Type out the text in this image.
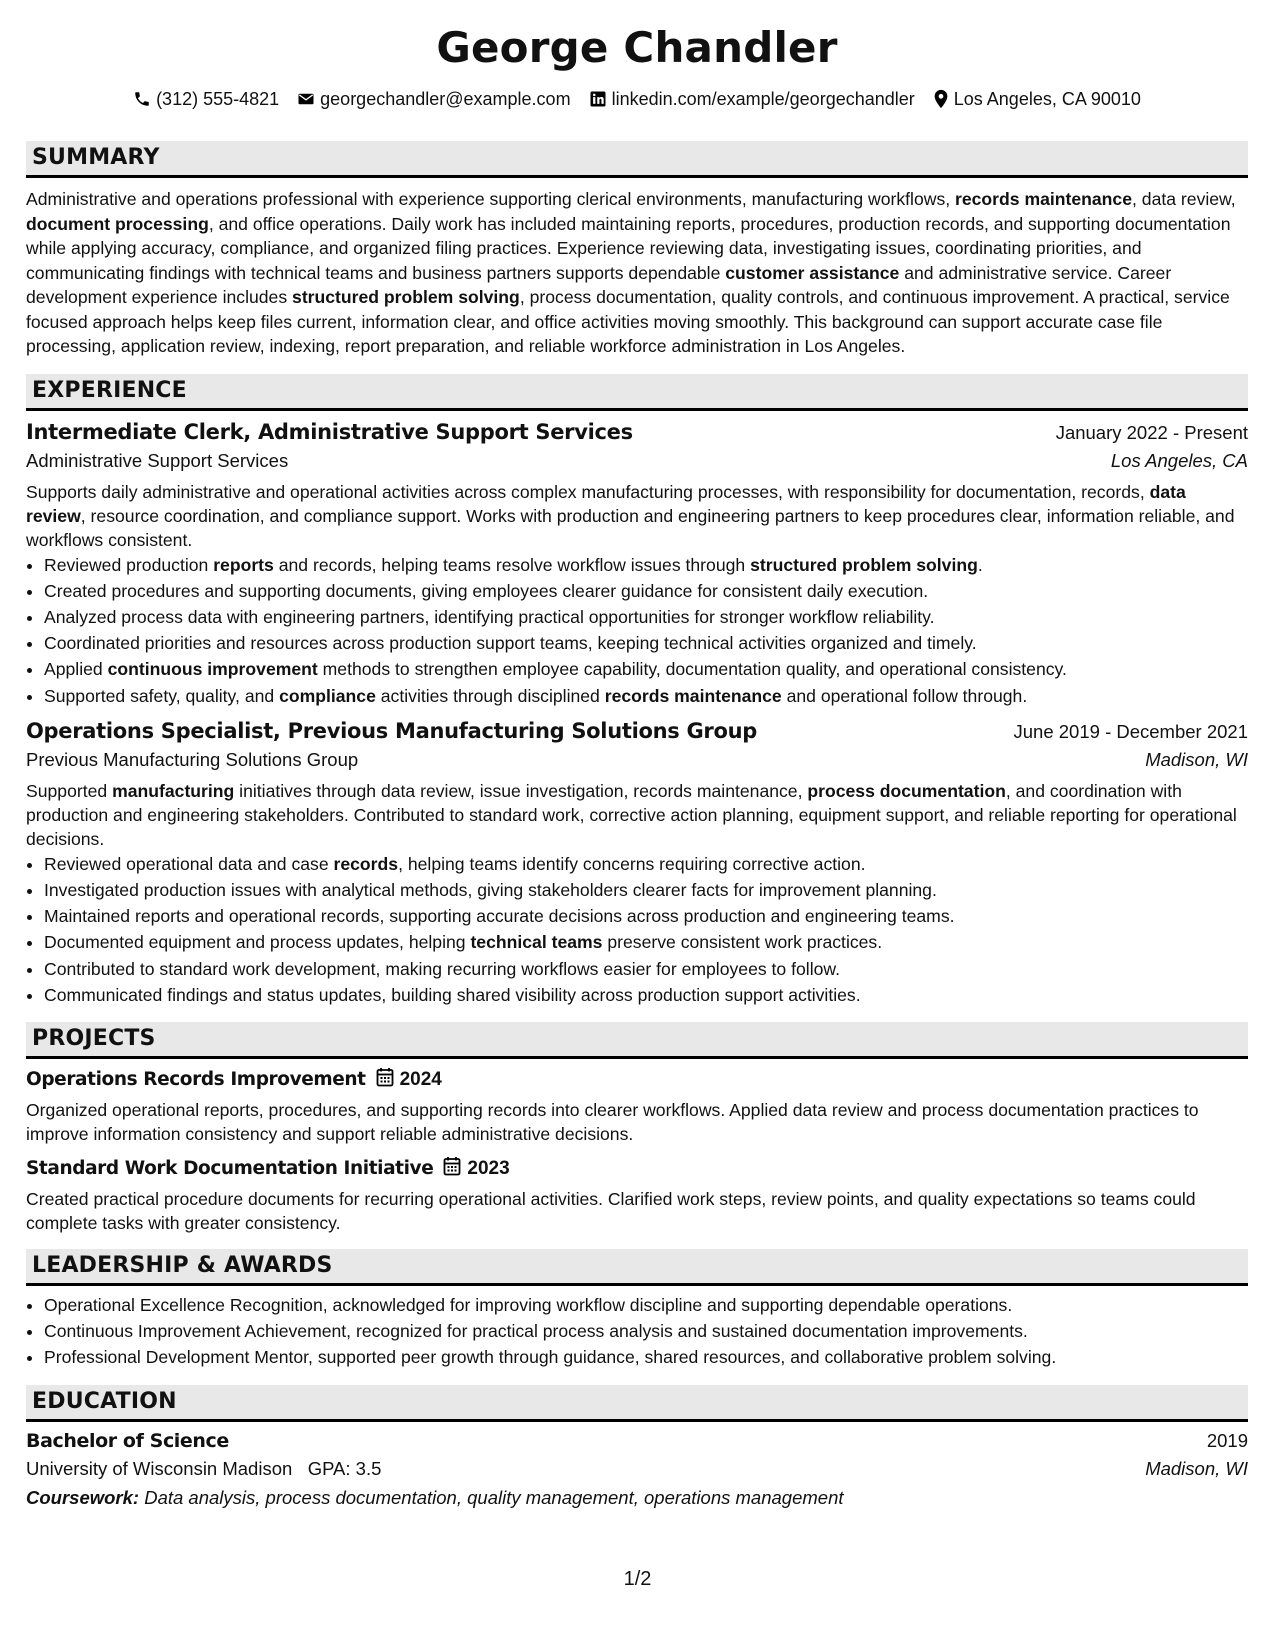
George Chandler
(312) 555-4821 georgechandler@example.com linkedin.com/example/georgechandler Los Angeles, CA 90010
SUMMARY
Administrative and operations professional with experience supporting clerical environments, manufacturing workflows, records maintenance, data review, document processing, and office operations. Daily work has included maintaining reports, procedures, production records, and supporting documentation while applying accuracy, compliance, and organized filing practices. Experience reviewing data, investigating issues, coordinating priorities, and communicating findings with technical teams and business partners supports dependable customer assistance and administrative service. Career development experience includes structured problem solving, process documentation, quality controls, and continuous improvement. A practical, service focused approach helps keep files current, information clear, and office activities moving smoothly. This background can support accurate case file processing, application review, indexing, report preparation, and reliable workforce administration in Los Angeles.
EXPERIENCE
Intermediate Clerk, Administrative Support Services	January 2022 - Present
Administrative Support Services	Los Angeles, CA
Supports daily administrative and operational activities across complex manufacturing processes, with responsibility for documentation, records, data review, resource coordination, and compliance support. Works with production and engineering partners to keep procedures clear, information reliable, and workflows consistent.
• Reviewed production reports and records, helping teams resolve workflow issues through structured problem solving.
• Created procedures and supporting documents, giving employees clearer guidance for consistent daily execution.
• Analyzed process data with engineering partners, identifying practical opportunities for stronger workflow reliability.
• Coordinated priorities and resources across production support teams, keeping technical activities organized and timely.
• Applied continuous improvement methods to strengthen employee capability, documentation quality, and operational consistency.
• Supported safety, quality, and compliance activities through disciplined records maintenance and operational follow through.
Operations Specialist, Previous Manufacturing Solutions Group	June 2019 - December 2021
Previous Manufacturing Solutions Group	Madison, WI
Supported manufacturing initiatives through data review, issue investigation, records maintenance, process documentation, and coordination with production and engineering stakeholders. Contributed to standard work, corrective action planning, equipment support, and reliable reporting for operational decisions.
• Reviewed operational data and case records, helping teams identify concerns requiring corrective action.
• Investigated production issues with analytical methods, giving stakeholders clearer facts for improvement planning.
• Maintained reports and operational records, supporting accurate decisions across production and engineering teams.
• Documented equipment and process updates, helping technical teams preserve consistent work practices.
• Contributed to standard work development, making recurring workflows easier for employees to follow.
• Communicated findings and status updates, building shared visibility across production support activities.
PROJECTS
Operations Records Improvement 2024
Organized operational reports, procedures, and supporting records into clearer workflows. Applied data review and process documentation practices to improve information consistency and support reliable administrative decisions.
Standard Work Documentation Initiative 2023
Created practical procedure documents for recurring operational activities. Clarified work steps, review points, and quality expectations so teams could complete tasks with greater consistency.
LEADERSHIP & AWARDS
• Operational Excellence Recognition, acknowledged for improving workflow discipline and supporting dependable operations.
• Continuous Improvement Achievement, recognized for practical process analysis and sustained documentation improvements.
• Professional Development Mentor, supported peer growth through guidance, shared resources, and collaborative problem solving.
EDUCATION
Bachelor of Science	2019
University of Wisconsin Madison GPA: 3.5	Madison, WI
Coursework: Data analysis, process documentation, quality management, operations management
1/2
